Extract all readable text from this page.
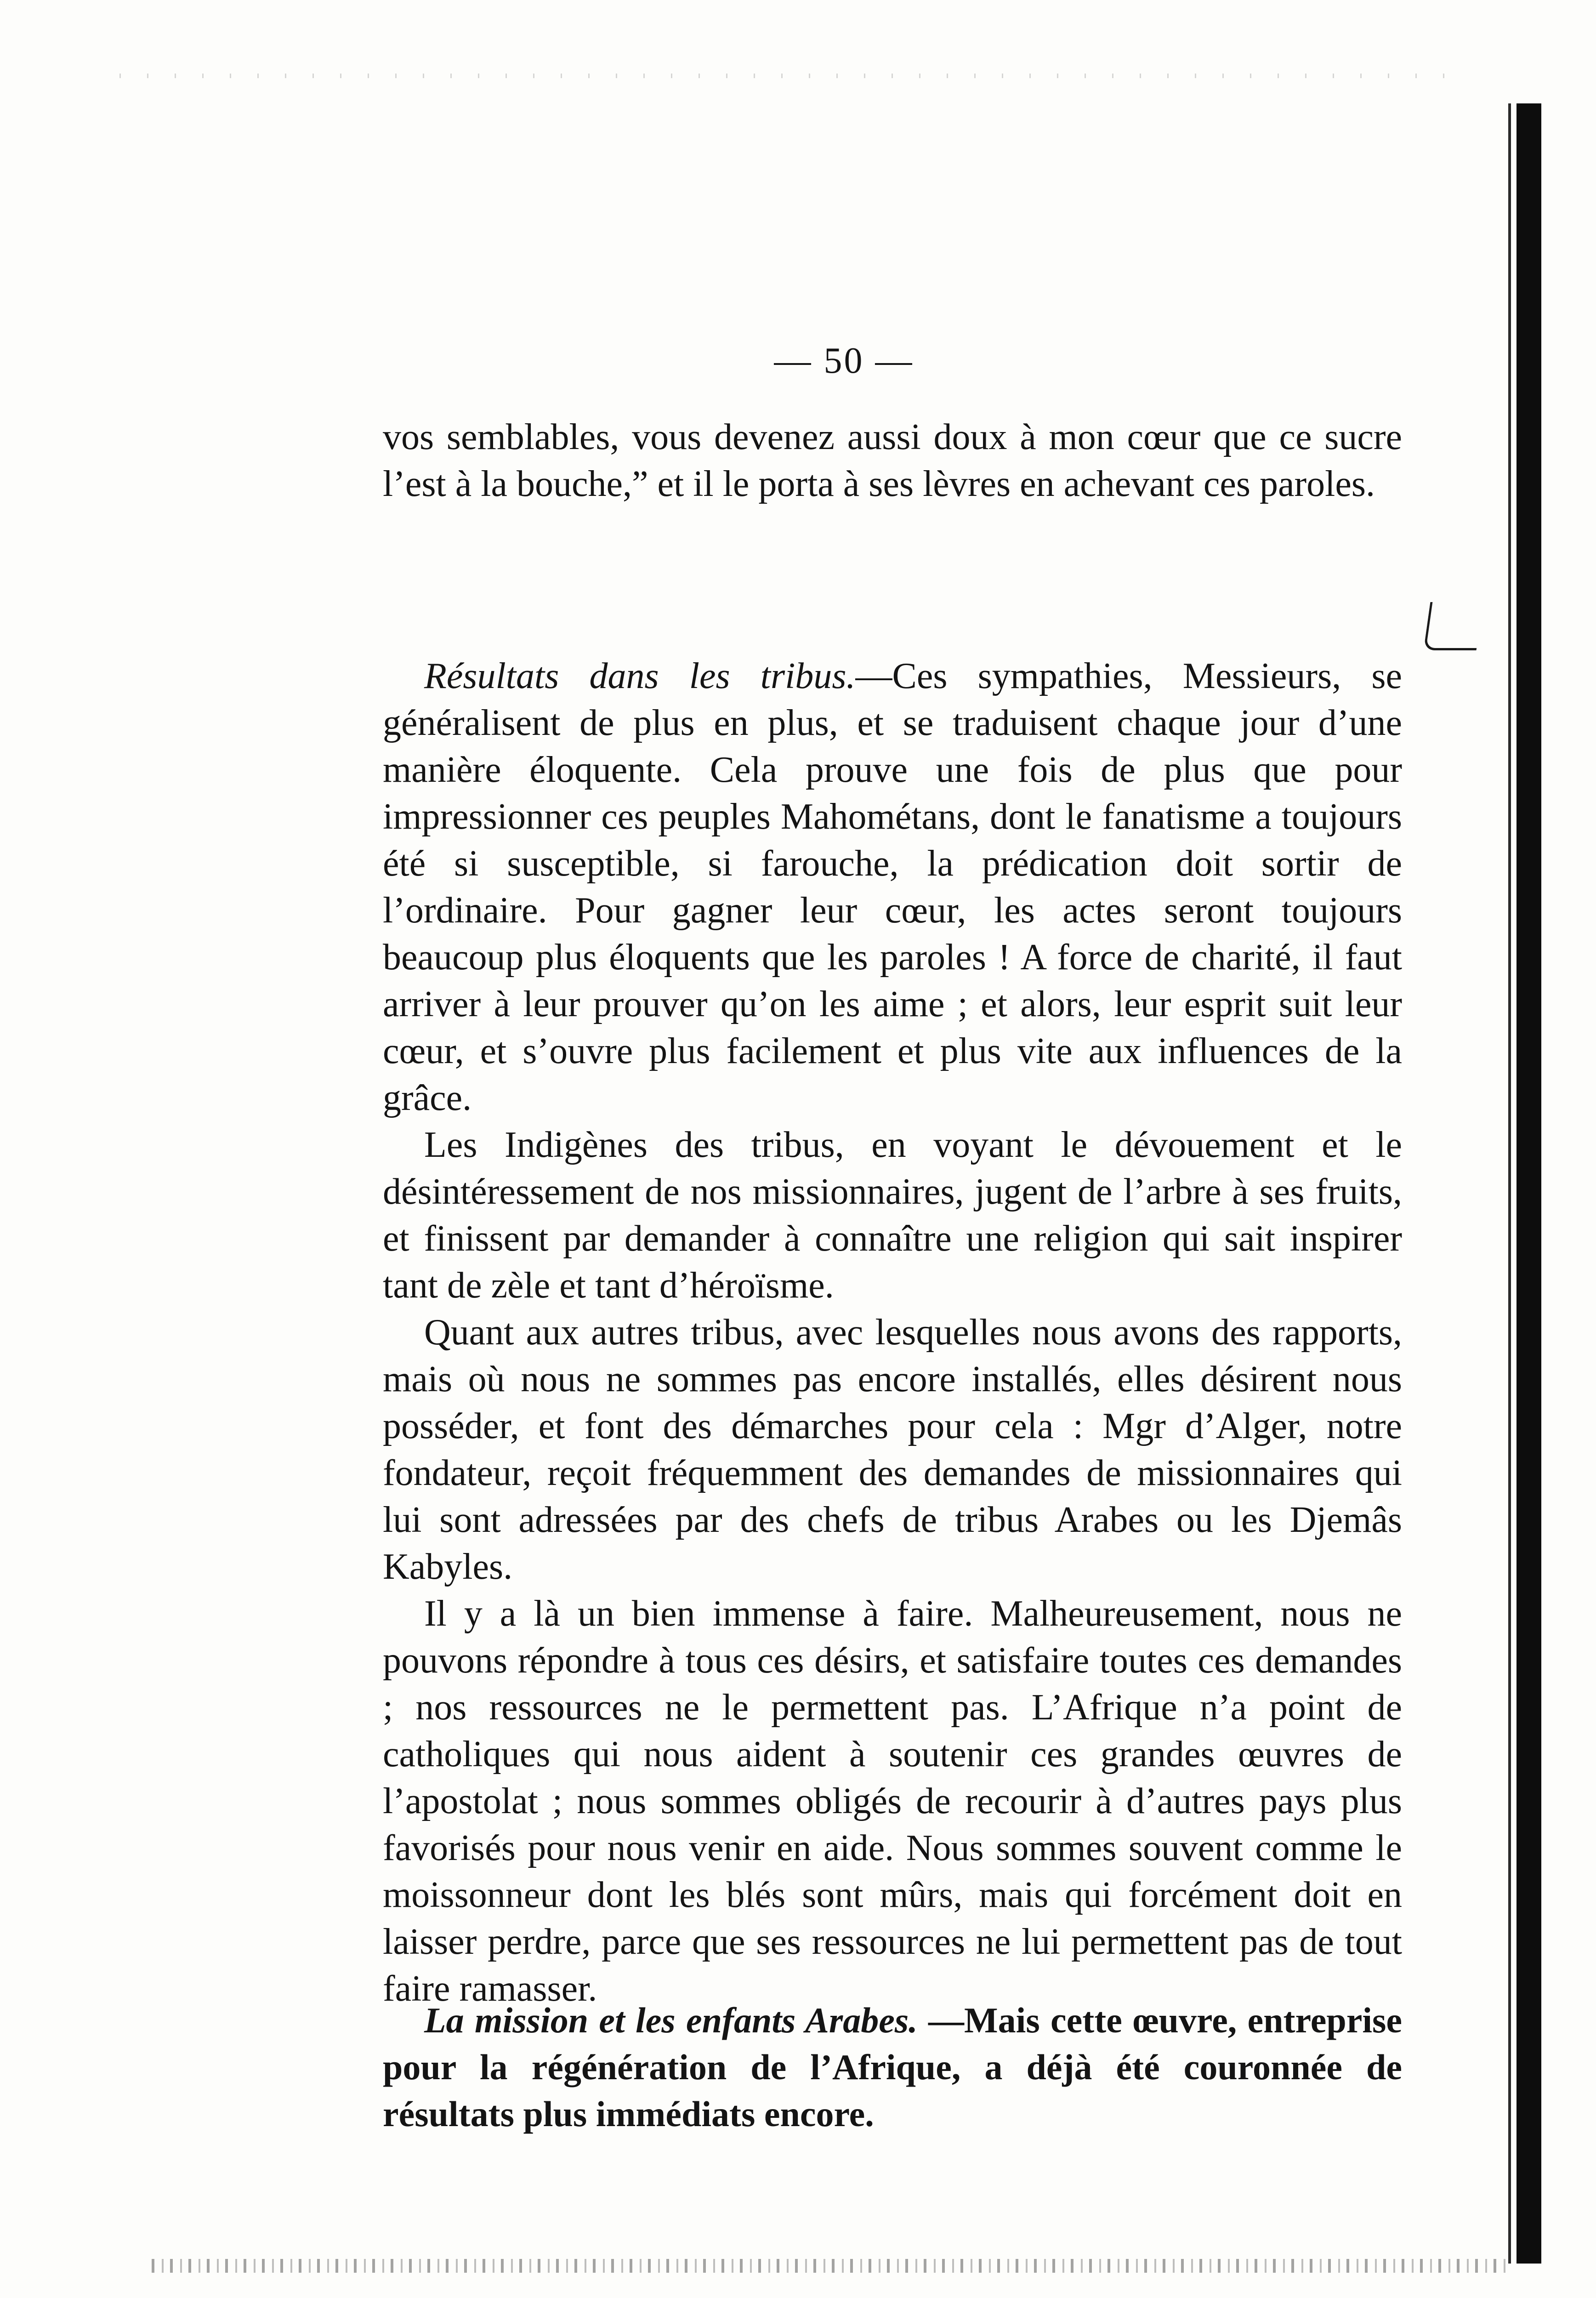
— 50 —

vos semblables, vous devenez aussi doux à mon cœur que ce sucre l’est à la bouche,” et il le porta à ses lèvres en achevant ces paroles.

Résultats dans les tribus.—Ces sympathies, Messieurs, se généralisent de plus en plus, et se traduisent chaque jour d’une manière éloquente. Cela prouve une fois de plus que pour impressionner ces peuples Mahométans, dont le fanatisme a toujours été si susceptible, si farouche, la prédication doit sortir de l’ordinaire. Pour gagner leur cœur, les actes seront toujours beaucoup plus éloquents que les paroles ! A force de charité, il faut arriver à leur prouver qu’on les aime ; et alors, leur esprit suit leur cœur, et s’ouvre plus facilement et plus vite aux influences de la grâce.

Les Indigènes des tribus, en voyant le dévouement et le désintéressement de nos missionnaires, jugent de l’arbre à ses fruits, et finissent par demander à connaître une religion qui sait inspirer tant de zèle et tant d’héroïsme.

Quant aux autres tribus, avec lesquelles nous avons des rapports, mais où nous ne sommes pas encore installés, elles désirent nous posséder, et font des démarches pour cela : Mgr d’Alger, notre fondateur, reçoit fréquemment des demandes de missionnaires qui lui sont adressées par des chefs de tribus Arabes ou les Djemâs Kabyles.

Il y a là un bien immense à faire. Malheureusement, nous ne pouvons répondre à tous ces désirs, et satisfaire toutes ces demandes ; nos ressources ne le permettent pas. L’Afrique n’a point de catholiques qui nous aident à soutenir ces grandes œuvres de l’apostolat ; nous sommes obligés de recourir à d’autres pays plus favorisés pour nous venir en aide. Nous sommes souvent comme le moissonneur dont les blés sont mûrs, mais qui forcément doit en laisser perdre, parce que ses ressources ne lui permettent pas de tout faire ramasser.

La mission et les enfants Arabes. —Mais cette œuvre, entreprise pour la régénération de l’Afrique, a déjà été couronnée de résultats plus immédiats encore.
